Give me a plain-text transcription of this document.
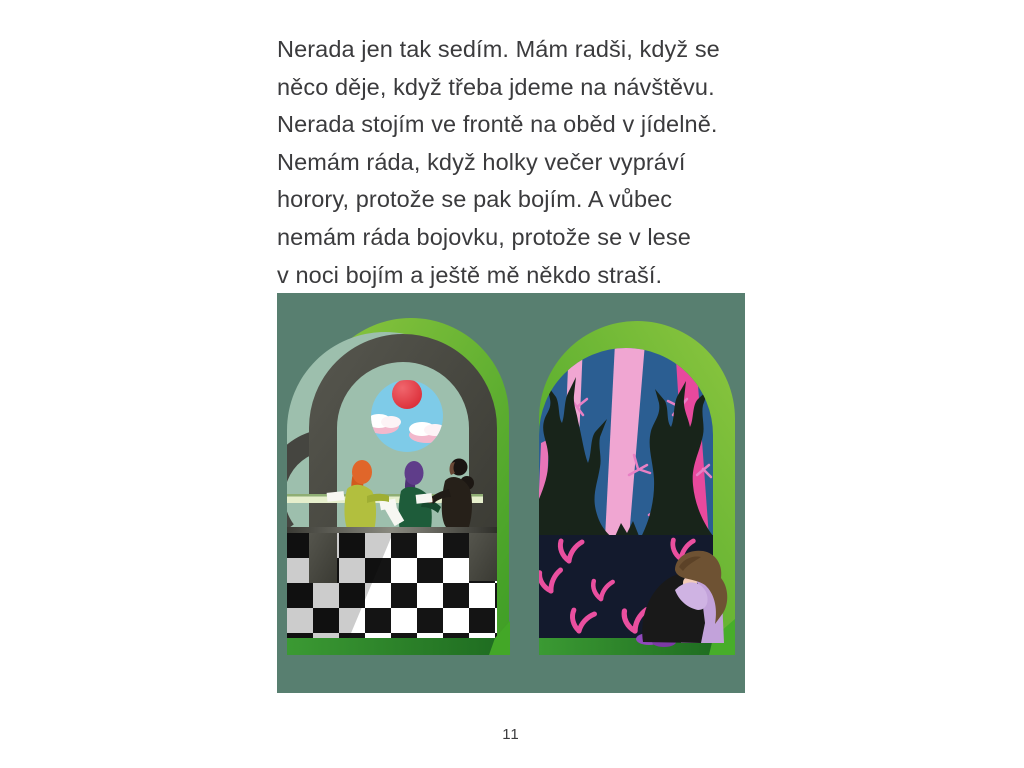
Nerada jen tak sedím. Mám radši, když se
něco děje, když třeba jdeme na návštěvu.
Nerada stojím ve frontě na oběd v jídelně.
Nemám ráda, když holky večer vypráví
horory, protože se pak bojím. A vůbec
nemám ráda bojovku, protože se v lese
v noci bojím a ještě mě někdo straší.
11
